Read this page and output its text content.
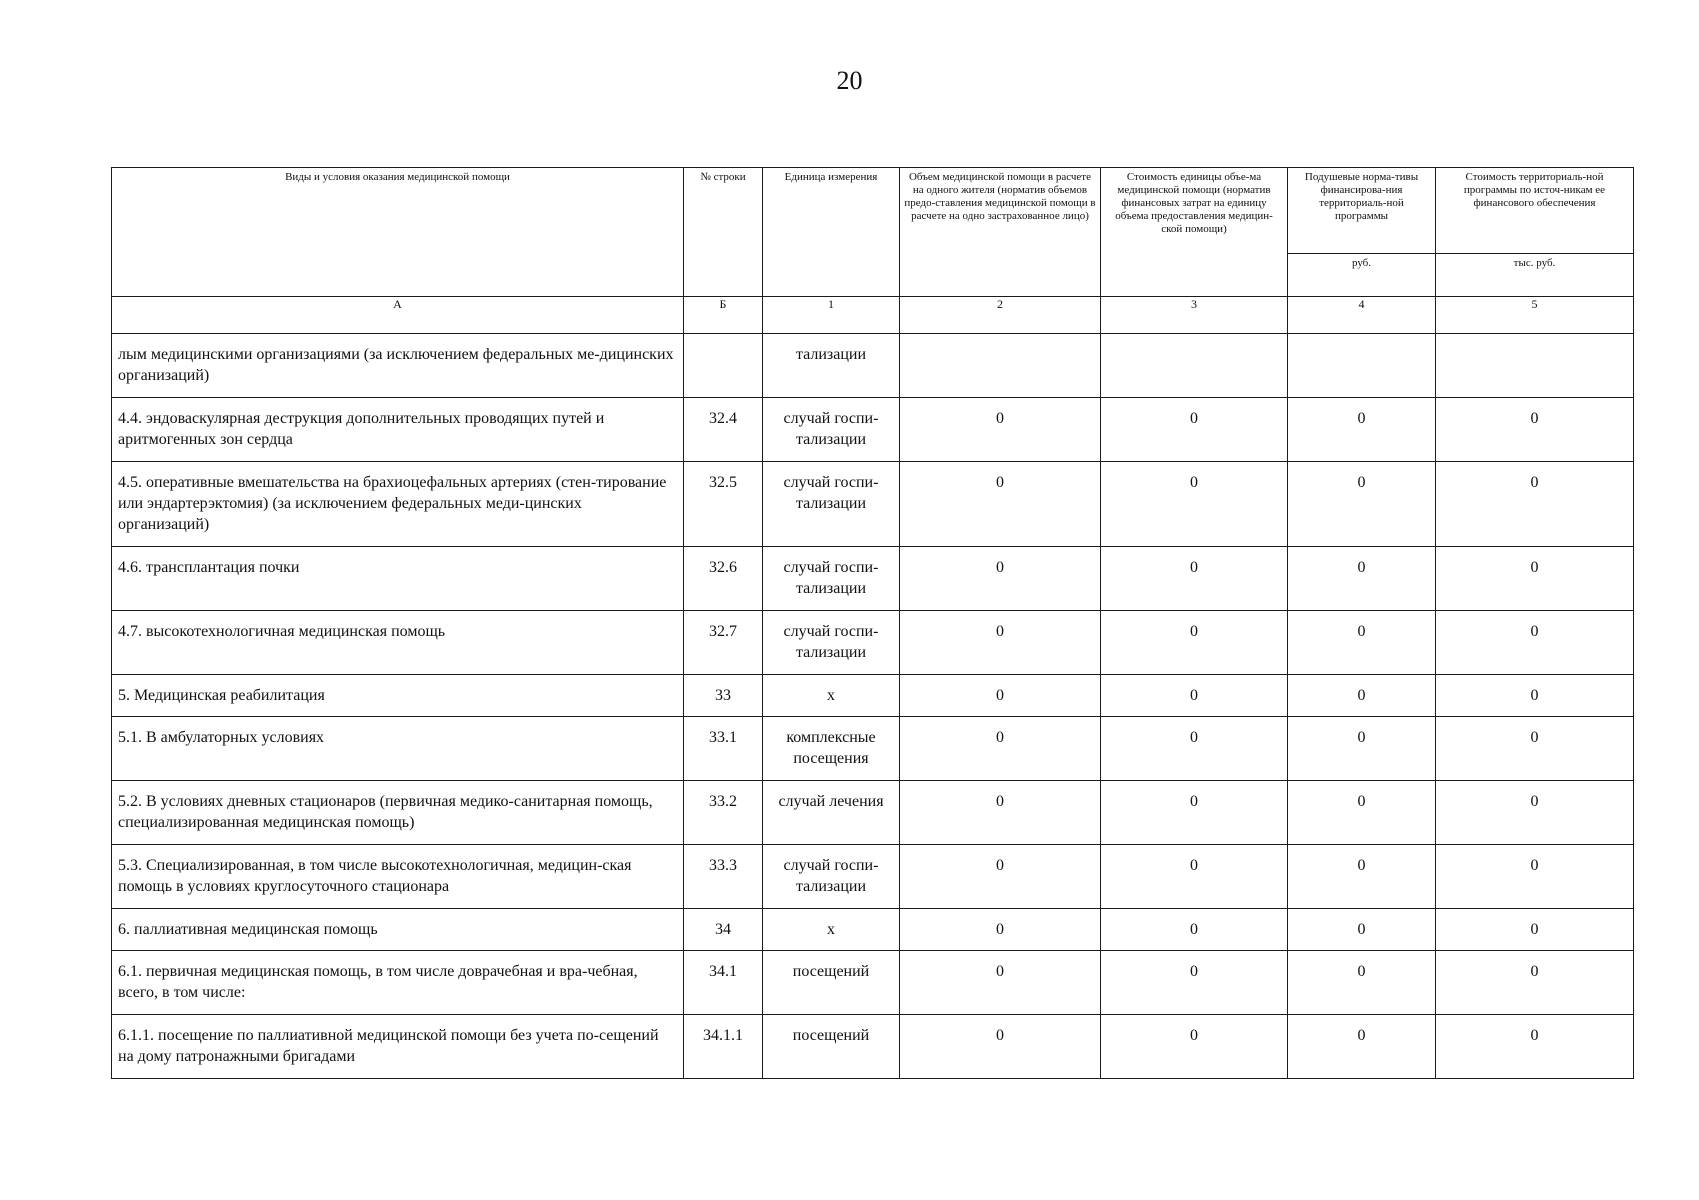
20
Виды и условия оказания медицинской помощи	№ строки	Единица измерения	Объем медицинской помощи в расчете на одного жителя (норматив объемов предо-ставления медицинской помощи в расчете на одно застрахованное лицо)	Стоимость единицы объе-ма медицинской помощи (норматив финансовых затрат на единицу объема предоставления медицин-ской помощи)	Подушевые норма-тивы финансирова-ния территориаль-ной программы	Стоимость территориаль-ной программы по источ-никам ее финансового обеспечения
					руб.	тыс. руб.
А	Б	1	2	3	4	5
лым медицинскими организациями (за исключением федеральных ме-дицинских организаций)		тализации				
4.4. эндоваскулярная деструкция дополнительных проводящих путей и аритмогенных зон сердца	32.4	случай госпи-тализации	0	0	0	0
4.5. оперативные вмешательства на брахиоцефальных артериях (стен-тирование или эндартерэктомия) (за исключением федеральных меди-цинских организаций)	32.5	случай госпи-тализации	0	0	0	0
4.6. трансплантация почки	32.6	случай госпи-тализации	0	0	0	0
4.7. высокотехнологичная медицинская помощь	32.7	случай госпи-тализации	0	0	0	0
5. Медицинская реабилитация	33	х	0	0	0	0
5.1. В амбулаторных условиях	33.1	комплексные посещения	0	0	0	0
5.2. В условиях дневных стационаров (первичная медико-санитарная помощь, специализированная медицинская помощь)	33.2	случай лечения	0	0	0	0
5.3. Специализированная, в том числе высокотехнологичная, медицин-ская помощь в условиях круглосуточного стационара	33.3	случай госпи-тализации	0	0	0	0
6. паллиативная медицинская помощь	34	х	0	0	0	0
6.1. первичная медицинская помощь, в том числе доврачебная и вра-чебная, всего, в том числе:	34.1	посещений	0	0	0	0
6.1.1. посещение по паллиативной медицинской помощи без учета по-сещений на дому патронажными бригадами	34.1.1	посещений	0	0	0	0
